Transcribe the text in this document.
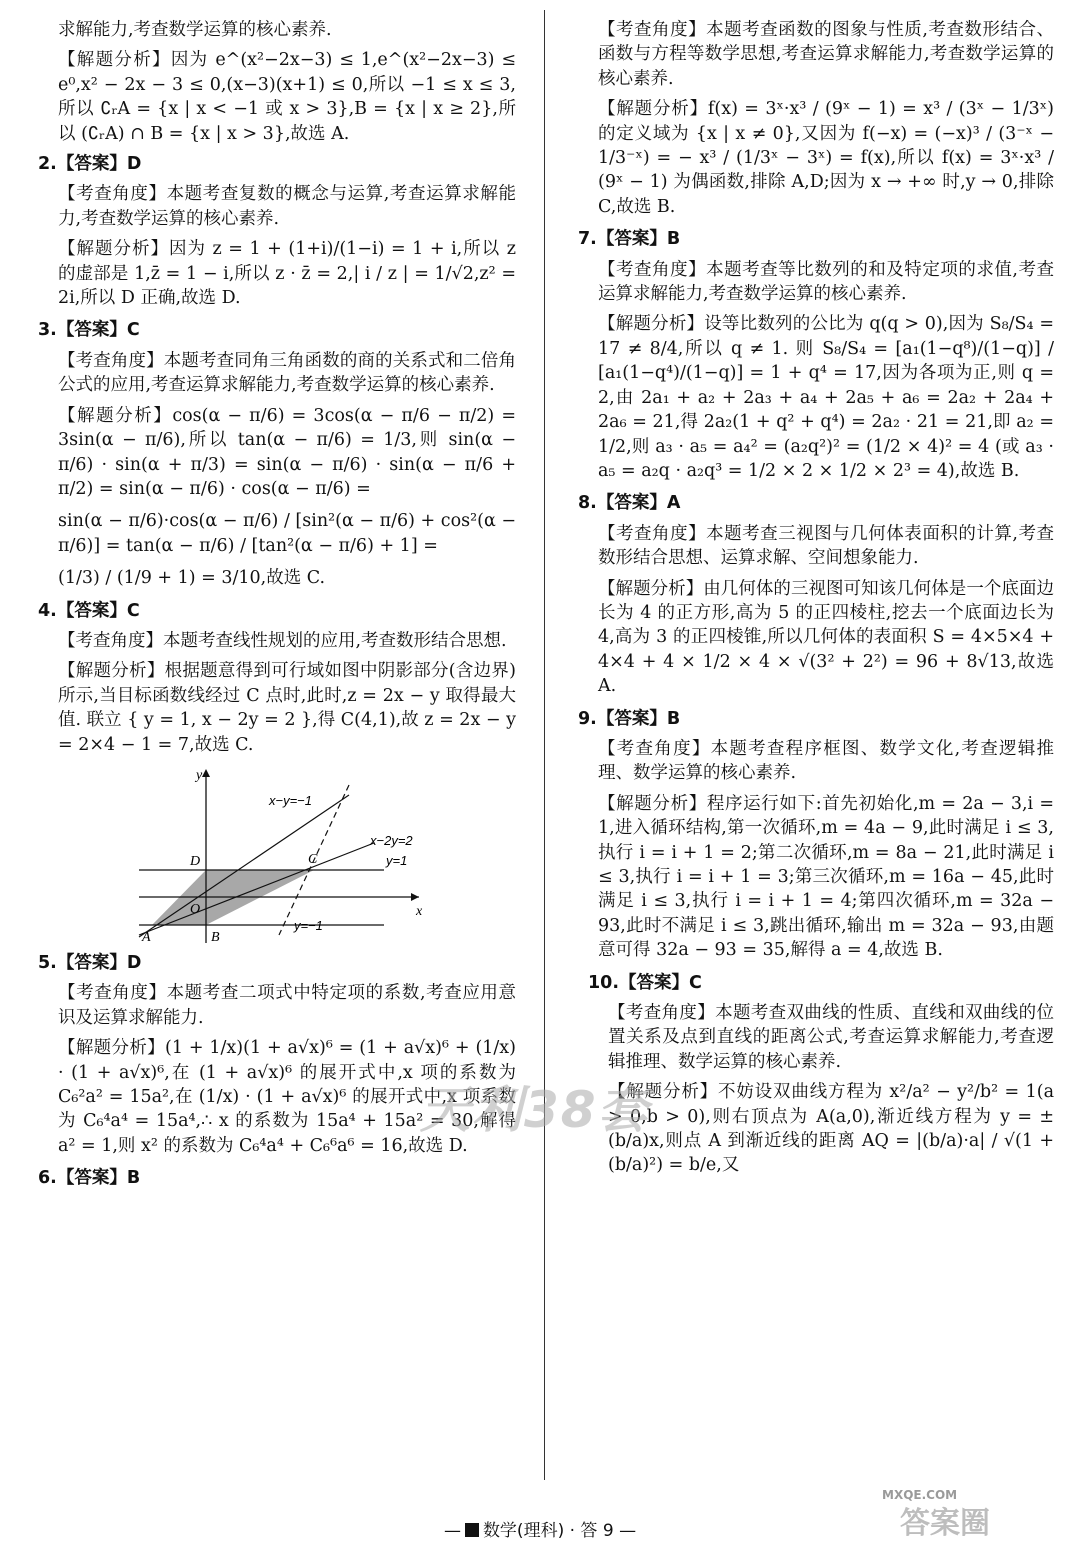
求解能力,考查数学运算的核心素养.

【解题分析】因为 e^(x²−2x−3) ≤ 1,e^(x²−2x−3) ≤ e⁰,x² − 2x − 3 ≤ 0,(x−3)(x+1) ≤ 0,所以 −1 ≤ x ≤ 3,所以 ∁ᵣA = {x | x < −1 或 x > 3},B = {x | x ≥ 2},所以 (∁ᵣA) ∩ B = {x | x > 3},故选 A.

2.【答案】D

【考查角度】本题考查复数的概念与运算,考查运算求解能力,考查数学运算的核心素养.

【解题分析】因为 z = 1 + (1+i)/(1−i) = 1 + i,所以 z 的虚部是 1,z̄ = 1 − i,所以 z · z̄ = 2,| i / z | = 1/√2,z² = 2i,所以 D 正确,故选 D.

3.【答案】C

【考查角度】本题考查同角三角函数的商的关系式和二倍角公式的应用,考查运算求解能力,考查数学运算的核心素养.

【解题分析】cos(α − π/6) = 3cos(α − π/6 − π/2) = 3sin(α − π/6),所以 tan(α − π/6) = 1/3,则 sin(α − π/6) · sin(α + π/3) = sin(α − π/6) · sin(α − π/6 + π/2) = sin(α − π/6) · cos(α − π/6) =

sin(α − π/6)·cos(α − π/6) / [sin²(α − π/6) + cos²(α − π/6)] = tan(α − π/6) / [tan²(α − π/6) + 1] =

(1/3) / (1/9 + 1) = 3/10,故选 C.

4.【答案】C

【考查角度】本题考查线性规划的应用,考查数形结合思想.

【解题分析】根据题意得到可行域如图中阴影部分(含边界)所示,当目标函数线经过 C 点时,此时,z = 2x − y 取得最大值. 联立 { y = 1, x − 2y = 2 },得 C(4,1),故 z = 2x − y = 2×4 − 1 = 7,故选 C.

y
x
x−y=−1
x−2y=2
y=1
y=−1
A	B
C
D
O

5.【答案】D

【考查角度】本题考查二项式中特定项的系数,考查应用意识及运算求解能力.

【解题分析】(1 + 1/x)(1 + a√x)⁶ = (1 + a√x)⁶ + (1/x) · (1 + a√x)⁶,在 (1 + a√x)⁶ 的展开式中,x 项的系数为 C₆²a² = 15a²,在 (1/x) · (1 + a√x)⁶ 的展开式中,x 项系数为 C₆⁴a⁴ = 15a⁴,∴ x 的系数为 15a⁴ + 15a² = 30,解得 a² = 1,则 x² 的系数为 C₆⁴a⁴ + C₆⁶a⁶ = 16,故选 D.

6.【答案】B

【考查角度】本题考查函数的图象与性质,考查数形结合、函数与方程等数学思想,考查运算求解能力,考查数学运算的核心素养.

【解题分析】f(x) = 3ˣ·x³ / (9ˣ − 1) = x³ / (3ˣ − 1/3ˣ) 的定义域为 {x | x ≠ 0},又因为 f(−x) = (−x)³ / (3⁻ˣ − 1/3⁻ˣ) = − x³ / (1/3ˣ − 3ˣ) = f(x),所以 f(x) = 3ˣ·x³ / (9ˣ − 1) 为偶函数,排除 A,D;因为 x → +∞ 时,y → 0,排除 C,故选 B.

7.【答案】B

【考查角度】本题考查等比数列的和及特定项的求值,考查运算求解能力,考查数学运算的核心素养.

【解题分析】设等比数列的公比为 q(q > 0),因为 S₈/S₄ = 17 ≠ 8/4,所以 q ≠ 1. 则 S₈/S₄ = [a₁(1−q⁸)/(1−q)] / [a₁(1−q⁴)/(1−q)] = 1 + q⁴ = 17,因为各项为正,则 q = 2,由 2a₁ + a₂ + 2a₃ + a₄ + 2a₅ + a₆ = 2a₂ + 2a₄ + 2a₆ = 21,得 2a₂(1 + q² + q⁴) = 2a₂ · 21 = 21,即 a₂ = 1/2,则 a₃ · a₅ = a₄² = (a₂q²)² = (1/2 × 4)² = 4 (或 a₃ · a₅ = a₂q · a₂q³ = 1/2 × 2 × 1/2 × 2³ = 4),故选 B.

8.【答案】A

【考查角度】本题考查三视图与几何体表面积的计算,考查数形结合思想、运算求解、空间想象能力.

【解题分析】由几何体的三视图可知该几何体是一个底面边长为 4 的正方形,高为 5 的正四棱柱,挖去一个底面边长为 4,高为 3 的正四棱锥,所以几何体的表面积 S = 4×5×4 + 4×4 + 4 × 1/2 × 4 × √(3² + 2²) = 96 + 8√13,故选 A.

9.【答案】B

【考查角度】本题考查程序框图、数学文化,考查逻辑推理、数学运算的核心素养.

【解题分析】程序运行如下:首先初始化,m = 2a − 3,i = 1,进入循环结构,第一次循环,m = 4a − 9,此时满足 i ≤ 3,执行 i = i + 1 = 2;第二次循环,m = 8a − 21,此时满足 i ≤ 3,执行 i = i + 1 = 3;第三次循环,m = 16a − 45,此时满足 i ≤ 3,执行 i = i + 1 = 4;第四次循环,m = 32a − 93,此时不满足 i ≤ 3,跳出循环,输出 m = 32a − 93,由题意可得 32a − 93 = 35,解得 a = 4,故选 B.

10.【答案】C

【考查角度】本题考查双曲线的性质、直线和双曲线的位置关系及点到直线的距离公式,考查运算求解能力,考查逻辑推理、数学运算的核心素养.

【解题分析】不妨设双曲线方程为 x²/a² − y²/b² = 1(a > 0,b > 0),则右顶点为 A(a,0),渐近线方程为 y = ± (b/a)x,则点 A 到渐近线的距离 AQ = |(b/a)·a| / √(1 + (b/a)²) = b/e,又

天利38套
答案圈
MXQE.COM
— 数学(理科) · 答 9 —
